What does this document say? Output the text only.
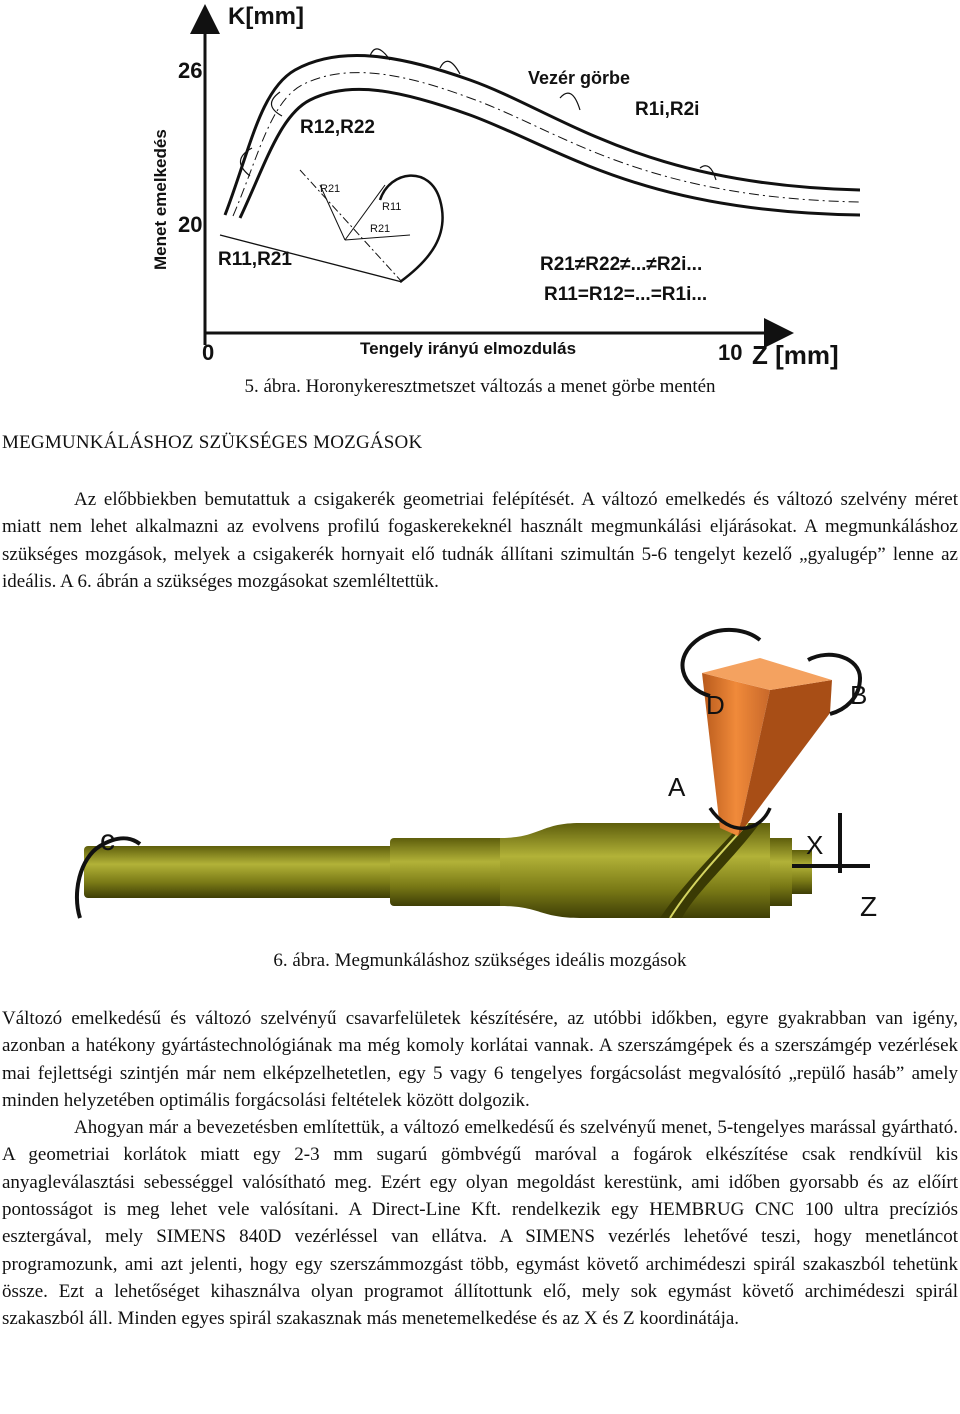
K[mm]
26
20
Menet emelkedés
0	10
Tengely irányú elmozdulás	Z [mm]
R1i,R2i
Vezér görbe
R12,R22
R11,R21
R21
R11
R21
R21≠R22≠...≠R2i...
R11=R12=...=R1i...
5. ábra. Horonykeresztmetszet változás a menet görbe mentén
MEGMUNKÁLÁSHOZ SZÜKSÉGES MOZGÁSOK

Az előbbiekben bemutattuk a csigakerék geometriai felépítését. A változó emelkedés és változó szelvény méret miatt nem lehet alkalmazni az evolvens profilú fogaskerekeknél használt megmunkálási eljárásokat. A megmunkáláshoz szükséges mozgások, melyek a csigakerék hornyait elő tudnák állítani szimultán 5-6 tengelyt kezelő „gyalugép” lenne az ideális. A 6. ábrán a szükséges mozgásokat szemléltettük.

D	B
A
c	X
Z
6. ábra. Megmunkáláshoz szükséges ideális mozgások

Változó emelkedésű és változó szelvényű csavarfelületek készítésére, az utóbbi időkben, egyre gyakrabban van igény, azonban a hatékony gyártástechnológiának ma még komoly korlátai vannak. A szerszámgépek és a szerszámgép vezérlések mai fejlettségi szintjén már nem elképzelhetetlen, egy 5 vagy 6 tengelyes forgácsolást megvalósító „repülő hasáb” amely minden helyzetében optimális forgácsolási feltételek között dolgozik.

Ahogyan már a bevezetésben említettük, a változó emelkedésű és szelvényű menet, 5-tengelyes marással gyártható. A geometriai korlátok miatt egy 2-3 mm sugarú gömbvégű maróval a fogárok elkészítése csak rendkívül kis anyagleválasztási sebességgel valósítható meg. Ezért egy olyan megoldást kerestünk, ami időben gyorsabb és az előírt pontosságot is meg lehet vele valósítani. A Direct-Line Kft. rendelkezik egy HEMBRUG CNC 100 ultra precíziós esztergával, mely SIMENS 840D vezérléssel van ellátva. A SIMENS vezérlés lehetővé teszi, hogy menetláncot programozunk, ami azt jelenti, hogy egy szerszámmozgást több, egymást követő archimédeszi spirál szakaszból tehetünk össze. Ezt a lehetőséget kihasználva olyan programot állítottunk elő, mely sok egymást követő archimédeszi spirál szakaszból áll. Minden egyes spirál szakasznak más menetemelkedése és az X és Z koordinátája.
